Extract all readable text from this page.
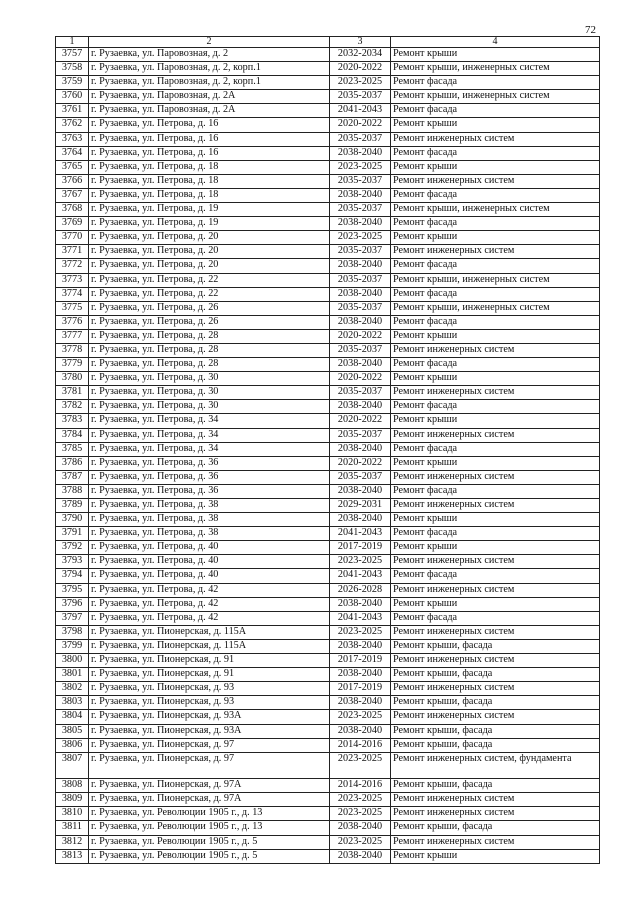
72
1	2	3	4
3757	г. Рузаевка, ул. Паровозная, д. 2	2032-2034	Ремонт крыши
3758	г. Рузаевка, ул. Паровозная, д. 2, корп.1	2020-2022	Ремонт крыши, инженерных систем
3759	г. Рузаевка, ул. Паровозная, д. 2, корп.1	2023-2025	Ремонт фасада
3760	г. Рузаевка, ул. Паровозная, д. 2А	2035-2037	Ремонт крыши, инженерных систем
3761	г. Рузаевка, ул. Паровозная, д. 2А	2041-2043	Ремонт фасада
3762	г. Рузаевка, ул. Петрова, д. 16	2020-2022	Ремонт крыши
3763	г. Рузаевка, ул. Петрова, д. 16	2035-2037	Ремонт инженерных систем
3764	г. Рузаевка, ул. Петрова, д. 16	2038-2040	Ремонт фасада
3765	г. Рузаевка, ул. Петрова, д. 18	2023-2025	Ремонт крыши
3766	г. Рузаевка, ул. Петрова, д. 18	2035-2037	Ремонт инженерных систем
3767	г. Рузаевка, ул. Петрова, д. 18	2038-2040	Ремонт фасада
3768	г. Рузаевка, ул. Петрова, д. 19	2035-2037	Ремонт крыши, инженерных систем
3769	г. Рузаевка, ул. Петрова, д. 19	2038-2040	Ремонт фасада
3770	г. Рузаевка, ул. Петрова, д. 20	2023-2025	Ремонт крыши
3771	г. Рузаевка, ул. Петрова, д. 20	2035-2037	Ремонт инженерных систем
3772	г. Рузаевка, ул. Петрова, д. 20	2038-2040	Ремонт фасада
3773	г. Рузаевка, ул. Петрова, д. 22	2035-2037	Ремонт крыши, инженерных систем
3774	г. Рузаевка, ул. Петрова, д. 22	2038-2040	Ремонт фасада
3775	г. Рузаевка, ул. Петрова, д. 26	2035-2037	Ремонт крыши, инженерных систем
3776	г. Рузаевка, ул. Петрова, д. 26	2038-2040	Ремонт фасада
3777	г. Рузаевка, ул. Петрова, д. 28	2020-2022	Ремонт крыши
3778	г. Рузаевка, ул. Петрова, д. 28	2035-2037	Ремонт инженерных систем
3779	г. Рузаевка, ул. Петрова, д. 28	2038-2040	Ремонт фасада
3780	г. Рузаевка, ул. Петрова, д. 30	2020-2022	Ремонт крыши
3781	г. Рузаевка, ул. Петрова, д. 30	2035-2037	Ремонт инженерных систем
3782	г. Рузаевка, ул. Петрова, д. 30	2038-2040	Ремонт фасада
3783	г. Рузаевка, ул. Петрова, д. 34	2020-2022	Ремонт крыши
3784	г. Рузаевка, ул. Петрова, д. 34	2035-2037	Ремонт инженерных систем
3785	г. Рузаевка, ул. Петрова, д. 34	2038-2040	Ремонт фасада
3786	г. Рузаевка, ул. Петрова, д. 36	2020-2022	Ремонт крыши
3787	г. Рузаевка, ул. Петрова, д. 36	2035-2037	Ремонт инженерных систем
3788	г. Рузаевка, ул. Петрова, д. 36	2038-2040	Ремонт фасада
3789	г. Рузаевка, ул. Петрова, д. 38	2029-2031	Ремонт инженерных систем
3790	г. Рузаевка, ул. Петрова, д. 38	2038-2040	Ремонт крыши
3791	г. Рузаевка, ул. Петрова, д. 38	2041-2043	Ремонт фасада
3792	г. Рузаевка, ул. Петрова, д. 40	2017-2019	Ремонт крыши
3793	г. Рузаевка, ул. Петрова, д. 40	2023-2025	Ремонт инженерных систем
3794	г. Рузаевка, ул. Петрова, д. 40	2041-2043	Ремонт фасада
3795	г. Рузаевка, ул. Петрова, д. 42	2026-2028	Ремонт инженерных систем
3796	г. Рузаевка, ул. Петрова, д. 42	2038-2040	Ремонт крыши
3797	г. Рузаевка, ул. Петрова, д. 42	2041-2043	Ремонт фасада
3798	г. Рузаевка, ул. Пионерская, д. 115А	2023-2025	Ремонт инженерных систем
3799	г. Рузаевка, ул. Пионерская, д. 115А	2038-2040	Ремонт крыши, фасада
3800	г. Рузаевка, ул. Пионерская, д. 91	2017-2019	Ремонт инженерных систем
3801	г. Рузаевка, ул. Пионерская, д. 91	2038-2040	Ремонт крыши, фасада
3802	г. Рузаевка, ул. Пионерская, д. 93	2017-2019	Ремонт инженерных систем
3803	г. Рузаевка, ул. Пионерская, д. 93	2038-2040	Ремонт крыши, фасада
3804	г. Рузаевка, ул. Пионерская, д. 93А	2023-2025	Ремонт инженерных систем
3805	г. Рузаевка, ул. Пионерская, д. 93А	2038-2040	Ремонт крыши, фасада
3806	г. Рузаевка, ул. Пионерская, д. 97	2014-2016	Ремонт крыши, фасада
3807	г. Рузаевка, ул. Пионерская, д. 97	2023-2025	Ремонт инженерных систем, фундамента
3808	г. Рузаевка, ул. Пионерская, д. 97А	2014-2016	Ремонт крыши, фасада
3809	г. Рузаевка, ул. Пионерская, д. 97А	2023-2025	Ремонт инженерных систем
3810	г. Рузаевка, ул. Революции 1905 г., д. 13	2023-2025	Ремонт инженерных систем
3811	г. Рузаевка, ул. Революции 1905 г., д. 13	2038-2040	Ремонт крыши, фасада
3812	г. Рузаевка, ул. Революции 1905 г., д. 5	2023-2025	Ремонт инженерных систем
3813	г. Рузаевка, ул. Революции 1905 г., д. 5	2038-2040	Ремонт крыши
